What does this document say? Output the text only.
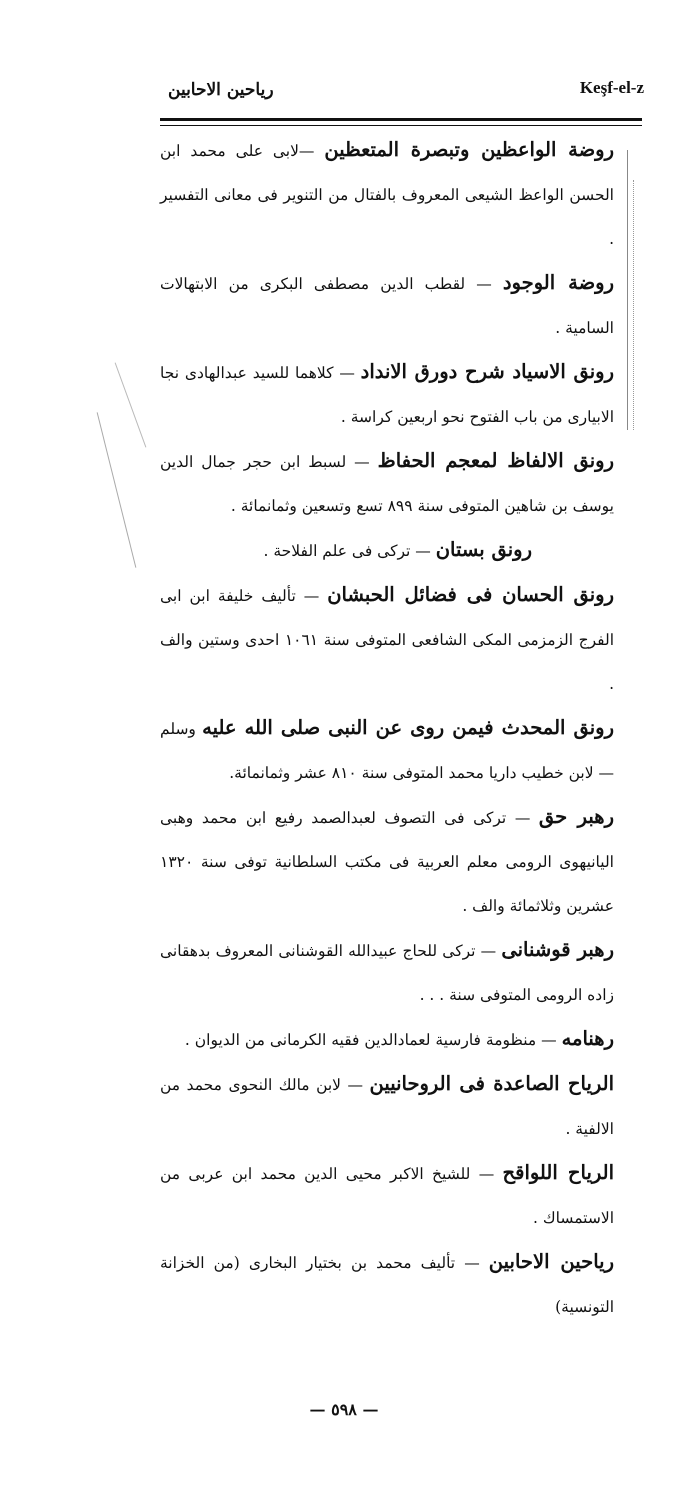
رياحين الاحابين	Keşf-el-z
روضة الواعظين وتبصرة المتعظين —لابى على محمد ابن الحسن الواعظ الشيعى المعروف بالفتال من التنوير فى معانى التفسير .
روضة الوجود — لقطب الدين مصطفى البكرى من الابتهالات السامية .
رونق الاسياد شرح دورق الانداد — كلاهما للسيد عبدالهادى نجا الابيارى من باب الفتوح نحو اربعين كراسة .
رونق الالفاظ لمعجم الحفاظ — لسبط ابن حجر جمال الدين يوسف بن شاهين المتوفى سنة ٨٩٩ تسع وتسعين وثمانمائة .
رونق بستان — تركى فى علم الفلاحة .
رونق الحسان فى فضائل الحبشان — تأليف خليفة ابن ابى الفرج الزمزمى المكى الشافعى المتوفى سنة ١٠٦١ احدى وستين والف .
رونق المحدث فيمن روى عن النبى صلى الله عليه وسلم — لابن خطيب داريا محمد المتوفى سنة ٨١٠ عشر وثمانمائة.
رهبر حق — تركى فى التصوف لعبدالصمد رفيع ابن محمد وهبى اليانيهوى الرومى معلم العربية فى مكتب السلطانية توفى سنة ١٣٢٠ عشرين وثلاثمائة والف .
رهبر قوشنانى — تركى للحاج عبيدالله القوشنانى المعروف بدهقانى زاده الرومى المتوفى سنة . . .
رهنامه — منظومة فارسية لعمادالدين فقيه الكرمانى من الديوان .
الرياح الصاعدة فى الروحانيين — لابن مالك النحوى محمد من الالفية .
الرياح اللواقح — للشيخ الاكبر محيى الدين محمد ابن عربى من الاستمساك .
رياحين الاحابين — تأليف محمد بن بختيار البخارى (من الخزانة التونسية)
— ٥٩٨ —
